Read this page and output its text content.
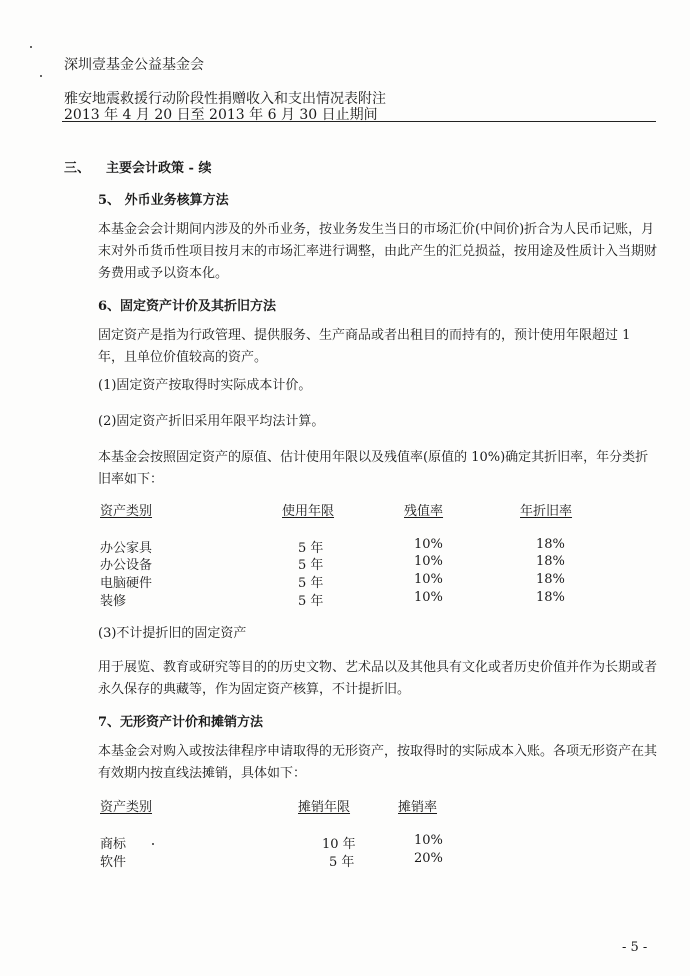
深圳壹基金公益基金会
雅安地震救援行动阶段性捐赠收入和支出情况表附注
2013 年 4 月 20 日至 2013 年 6 月 30 日止期间
三、 主要会计政策 - 续
5、 外币业务核算方法
本基金会会计期间内涉及的外币业务，按业务发生当日的市场汇价(中间价)折合为人民币记账，月末对外币货币性项目按月末的市场汇率进行调整，由此产生的汇兑损益，按用途及性质计入当期财务费用或予以资本化。
6、固定资产计价及其折旧方法
固定资产是指为行政管理、提供服务、生产商品或者出租目的而持有的，预计使用年限超过 1 年，且单位价值较高的资产。
(1)固定资产按取得时实际成本计价。
(2)固定资产折旧采用年限平均法计算。
本基金会按照固定资产的原值、估计使用年限以及残值率(原值的 10%)确定其折旧率，年分类折旧率如下：
资产类别	使用年限	残值率	年折旧率
办公家具	5 年	10%	18%
办公设备	5 年	10%	18%
电脑硬件	5 年	10%	18%
装修	5 年	10%	18%
(3)不计提折旧的固定资产
用于展览、教育或研究等目的的历史文物、艺术品以及其他具有文化或者历史价值并作为长期或者永久保存的典藏等，作为固定资产核算，不计提折旧。
7、无形资产计价和摊销方法
本基金会对购入或按法律程序申请取得的无形资产，按取得时的实际成本入账。各项无形资产在其有效期内按直线法摊销，具体如下：
资产类别	摊销年限	摊销率
商标	10 年	10%
软件	5 年	20%
- 5 -
